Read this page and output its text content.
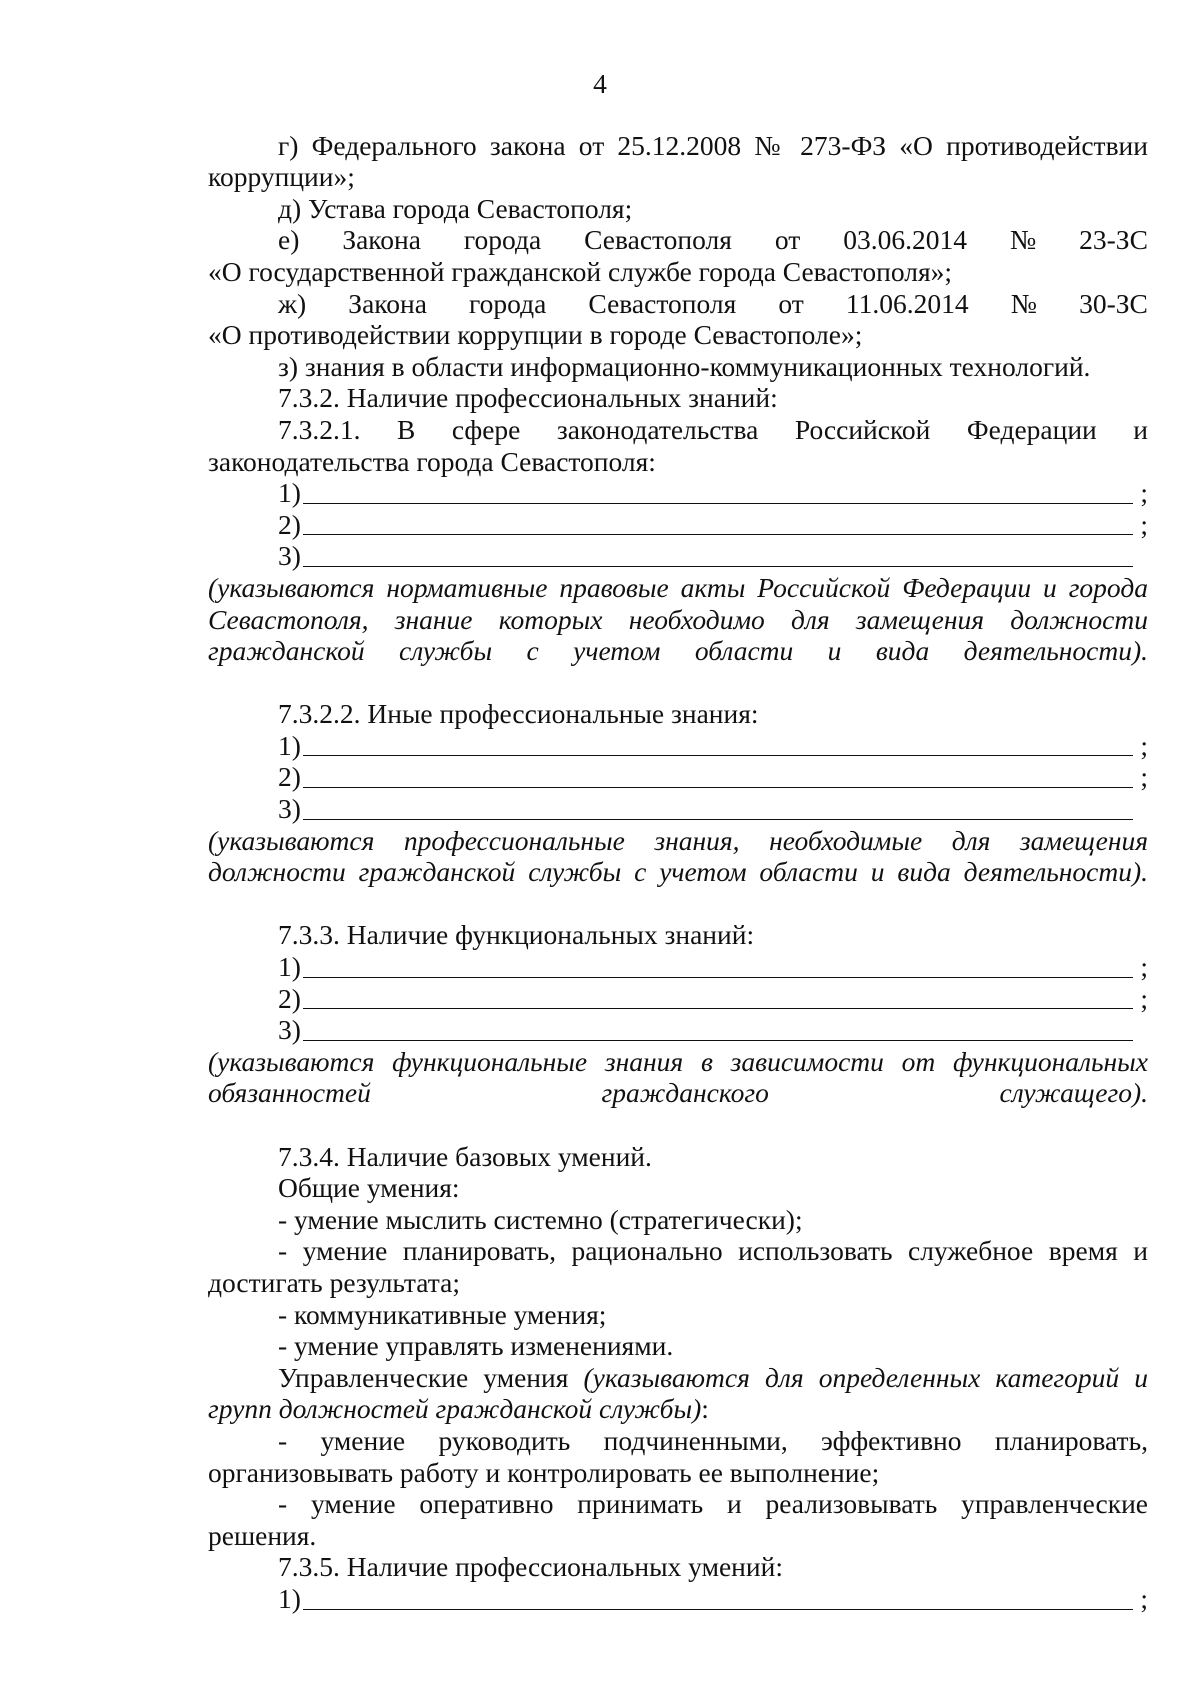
4

г) Федерального закона от 25.12.2008 № 273-ФЗ «О противодействии коррупции»;

д) Устава города Севастополя;

е) Закона города Севастополя от 03.06.2014 № 23-ЗС
«О государственной гражданской службе города Севастополя»;
ж) Закона города Севастополя от 11.06.2014 № 30-ЗС
«О противодействии коррупции в городе Севастополе»;

з) знания в области информационно-коммуникационных технологий.

7.3.2. Наличие профессиональных знаний:

7.3.2.1. В сфере законодательства Российской Федерации и законодательства города Севастополя:

1)	;
2)	;
3)

(указываются нормативные правовые акты Российской Федерации и города Севастополя, знание которых необходимо для замещения должности гражданской службы с учетом области и вида деятельности).

7.3.2.2. Иные профессиональные знания:

1)	;
2)	;
3)

(указываются профессиональные знания, необходимые для замещения должности гражданской службы с учетом области и вида деятельности).

7.3.3. Наличие функциональных знаний:

1)	;
2)	;
3)

(указываются функциональные знания в зависимости от функциональных обязанностей гражданского служащего).

7.3.4. Наличие базовых умений.

Общие умения:

- умение мыслить системно (стратегически);

- умение планировать, рационально использовать служебное время и достигать результата;

- коммуникативные умения;

- умение управлять изменениями.

Управленческие умения (указываются для определенных категорий и групп должностей гражданской службы):

- умение руководить подчиненными, эффективно планировать, организовывать работу и контролировать ее выполнение;

- умение оперативно принимать и реализовывать управленческие решения.

7.3.5. Наличие профессиональных умений:

1)	;
